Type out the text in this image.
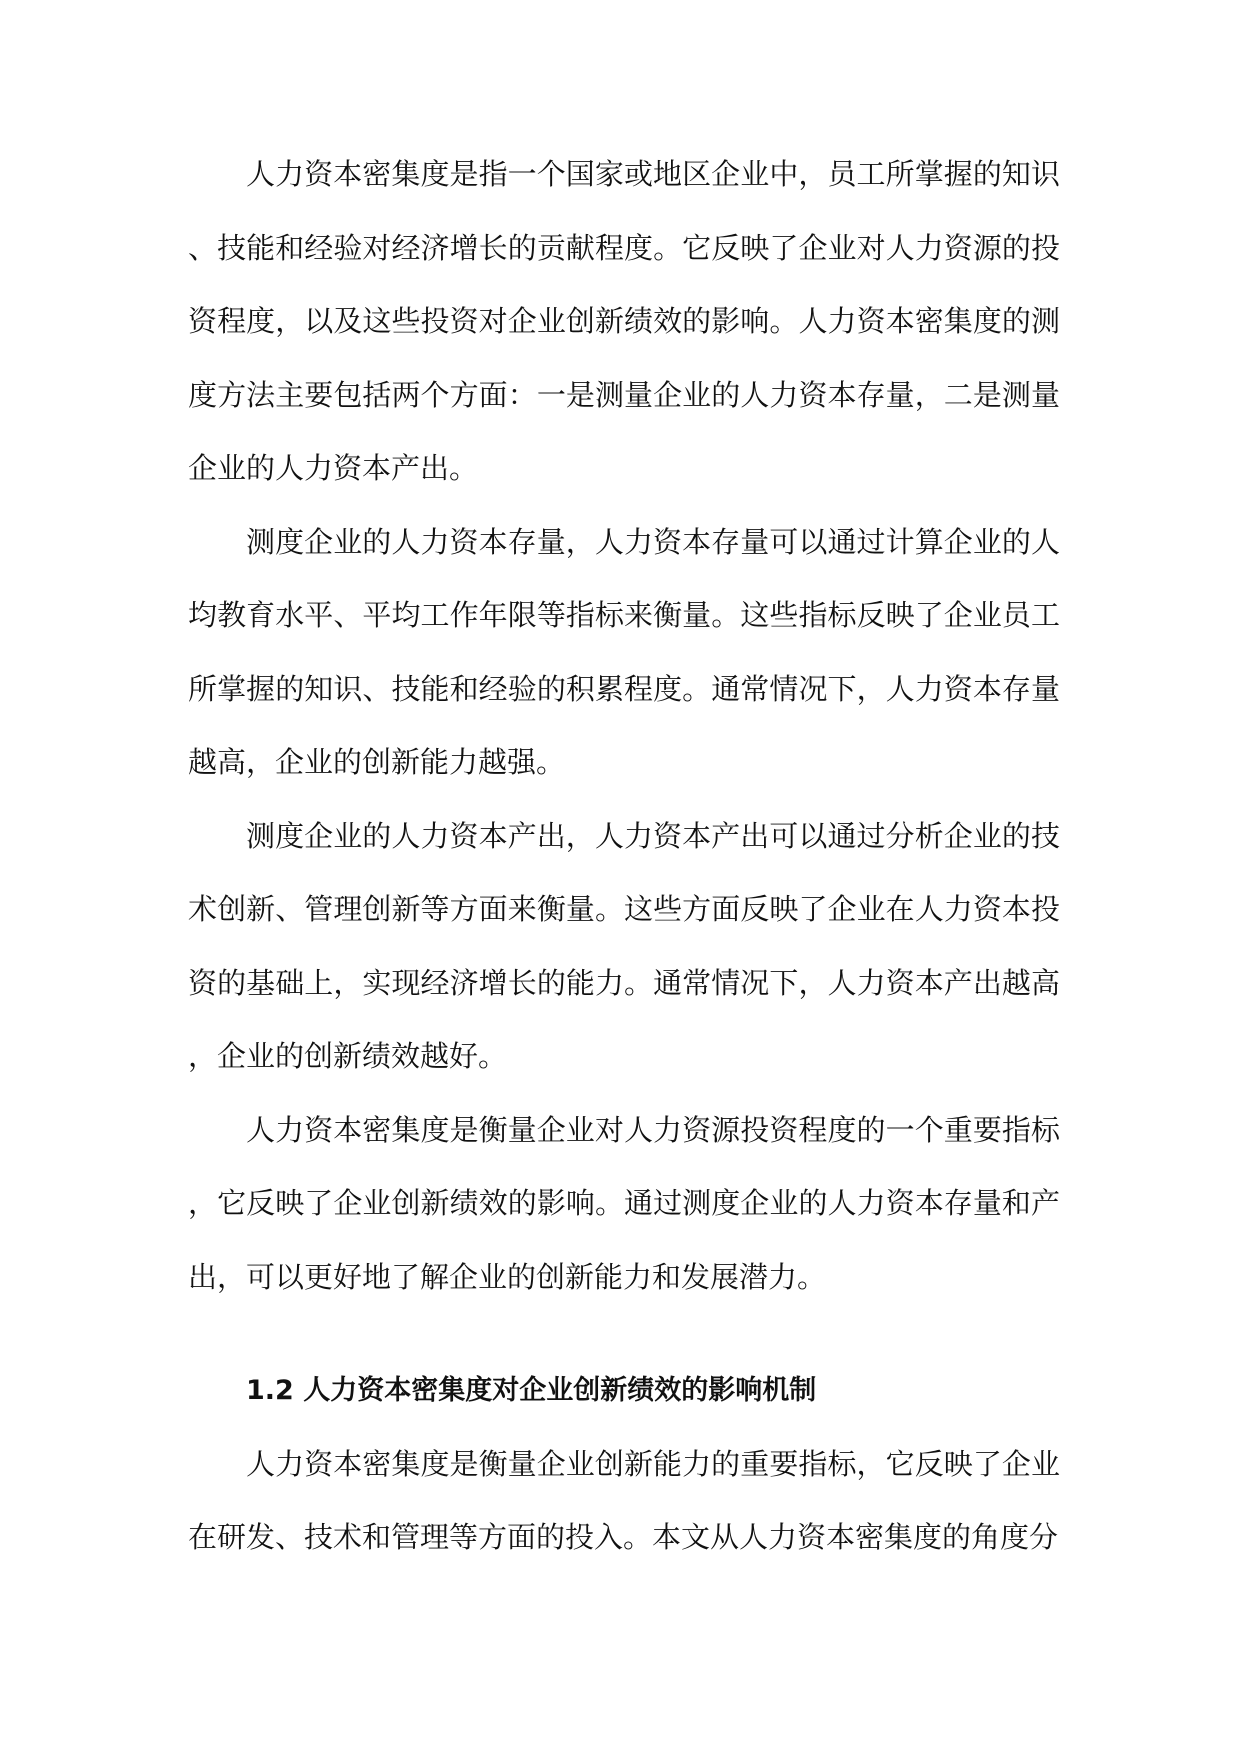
人力资本密集度是指一个国家或地区企业中，员工所掌握的知识、技能和经验对经济增长的贡献程度。它反映了企业对人力资源的投资程度，以及这些投资对企业创新绩效的影响。人力资本密集度的测度方法主要包括两个方面：一是测量企业的人力资本存量，二是测量企业的人力资本产出。

测度企业的人力资本存量，人力资本存量可以通过计算企业的人均教育水平、平均工作年限等指标来衡量。这些指标反映了企业员工所掌握的知识、技能和经验的积累程度。通常情况下，人力资本存量越高，企业的创新能力越强。

测度企业的人力资本产出，人力资本产出可以通过分析企业的技术创新、管理创新等方面来衡量。这些方面反映了企业在人力资本投资的基础上，实现经济增长的能力。通常情况下，人力资本产出越高，企业的创新绩效越好。

人力资本密集度是衡量企业对人力资源投资程度的一个重要指标，它反映了企业创新绩效的影响。通过测度企业的人力资本存量和产出，可以更好地了解企业的创新能力和发展潜力。

1.2 人力资本密集度对企业创新绩效的影响机制

人力资本密集度是衡量企业创新能力的重要指标，它反映了企业在研发、技术和管理等方面的投入。本文从人力资本密集度的角度分
